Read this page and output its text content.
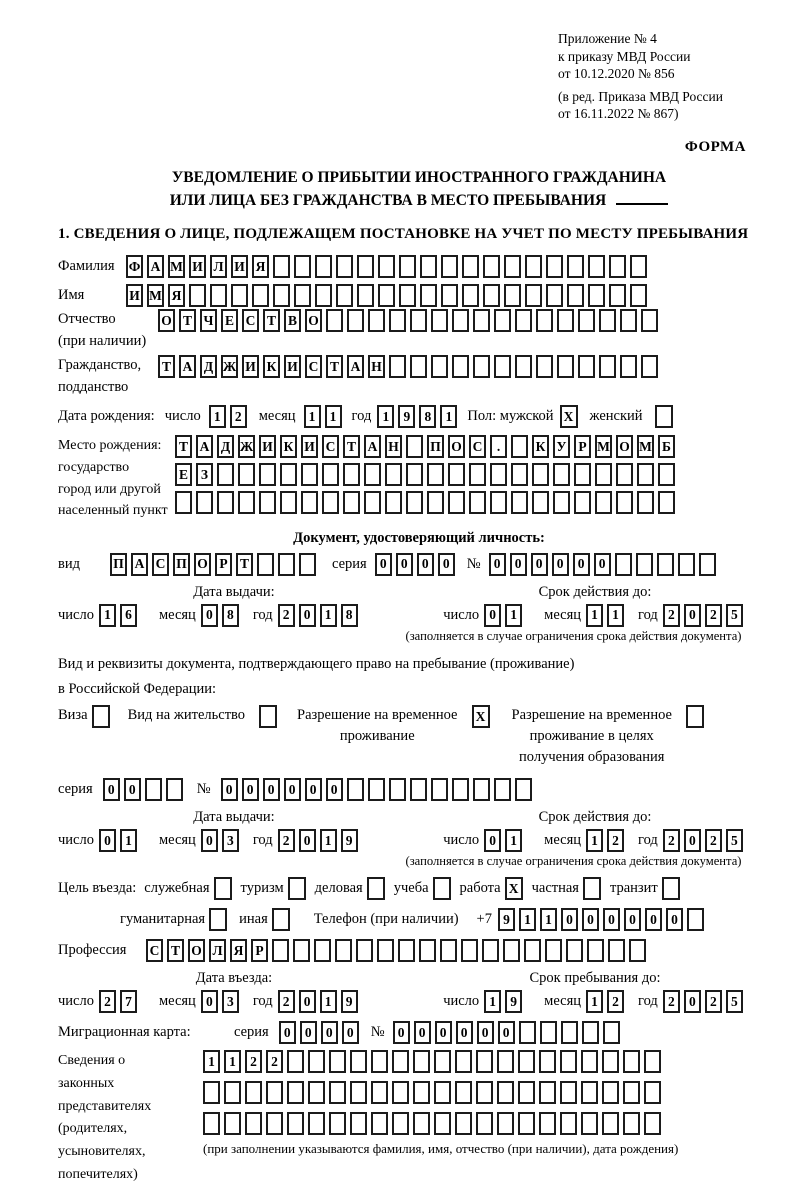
Приложение № 4
к приказу МВД России
от 10.12.2020 № 856
(в ред. Приказа МВД России
от 16.11.2022 № 867)
ФОРМА
УВЕДОМЛЕНИЕ О ПРИБЫТИИ ИНОСТРАННОГО ГРАЖДАНИНА
ИЛИ ЛИЦА БЕЗ ГРАЖДАНСТВА В МЕСТО ПРЕБЫВАНИЯ
1. СВЕДЕНИЯ О ЛИЦЕ, ПОДЛЕЖАЩЕМ ПОСТАНОВКЕ НА УЧЕТ ПО МЕСТУ ПРЕБЫВАНИЯ
Фамилия	Ф А М И Л И Я
Имя	И М Я
Отчество
(при наличии)
О Т Ч Е С Т В О
Гражданство,
подданство
Т А Д Ж И К И С Т А Н
Дата рождения: число 1	2	месяц 1	1	год 1	9	8	1	Пол: мужской X женский
Место рождения:
государство
город или другой
населенный пункт
Т А Д Ж И К И С Т А Н П О С	.	К У Р М О М Б
Е З
Документ, удостоверяющий личность:
вид	П А С П О Р Т	серия 0	0	0	0	№ 0	0	0	0	0	0
Дата выдачи:
число 1	6	месяц 0	8	год 2	0	1	8
Срок действия до:
число 0	1	месяц 1	1	год 2	0	2	5
(заполняется в случае ограничения срока действия документа)
Вид и реквизиты документа, подтверждающего право на пребывание (проживание)
в Российской Федерации:
Виза	Вид на жительство	Разрешение на временное
проживание
X Разрешение на временное
проживание в целях
получения образования
серия	0	0	№	0	0	0	0	0	0
Дата выдачи:
число 0	1	месяц 0	3	год 2	0	1	9
Срок действия до:
число 0	1	месяц 1	2	год 2	0	2	5
(заполняется в случае ограничения срока действия документа)
Цель въезда: служебная туризм деловая учеба работа X частная транзит
гуманитарная иная	Телефон (при наличии) +7 9	1	1	0	0	0	0	0	0
Профессия	С Т О Л Я Р
Дата въезда:
число 2	7	месяц 0	3	год 2	0	1	9
Срок пребывания до:
число 1	9	месяц 1	2	год 2	0	2	5
Миграционная карта:	серия	0	0	0	0	№ 0	0	0	0	0	0
Сведения о
законных
представителях
(родителях,
усыновителях,
попечителях)
1	1	2	2
(при заполнении указываются фамилия, имя, отчество (при наличии), дата рождения)
